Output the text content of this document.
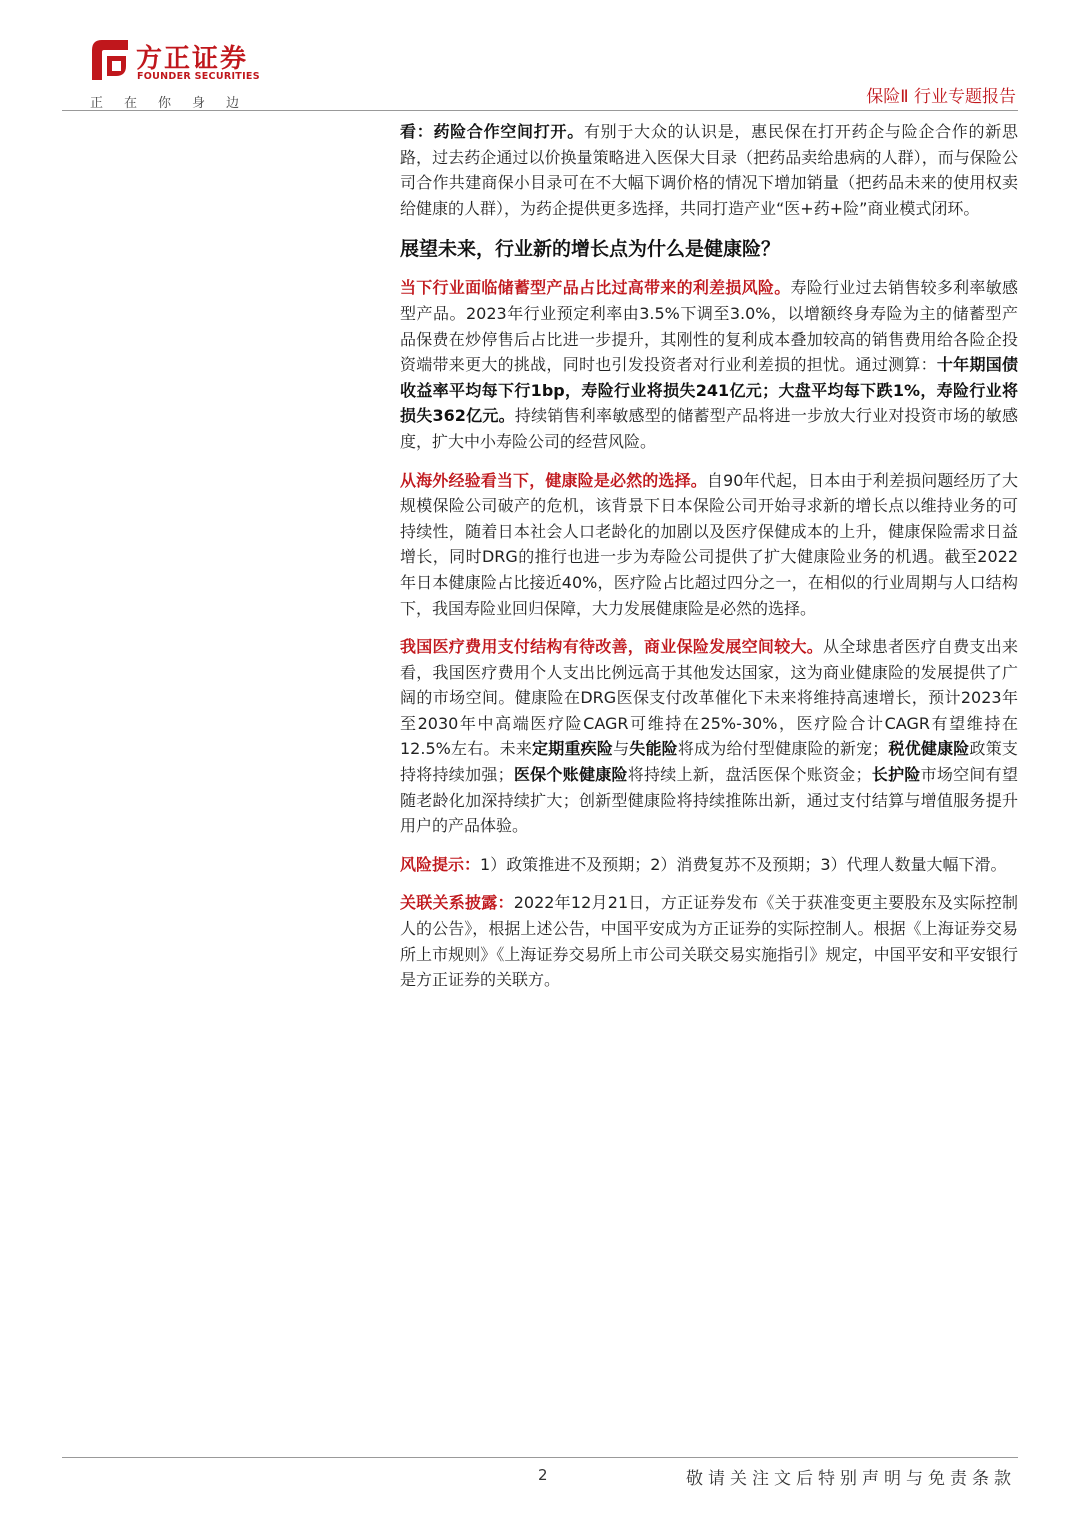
方正证券
FOUNDER SECURITIES
正在你身边	保险Ⅱ 行业专题报告

看：药险合作空间打开。有别于大众的认识是，惠民保在打开药企与险企合作的新思路，过去药企通过以价换量策略进入医保大目录（把药品卖给患病的人群），而与保险公司合作共建商保小目录可在不大幅下调价格的情况下增加销量（把药品未来的使用权卖给健康的人群），为药企提供更多选择，共同打造产业“医+药+险”商业模式闭环。

展望未来，行业新的增长点为什么是健康险？

当下行业面临储蓄型产品占比过高带来的利差损风险。寿险行业过去销售较多利率敏感型产品。2023年行业预定利率由3.5%下调至3.0%，以增额终身寿险为主的储蓄型产品保费在炒停售后占比进一步提升，其刚性的复利成本叠加较高的销售费用给各险企投资端带来更大的挑战，同时也引发投资者对行业利差损的担忧。通过测算：十年期国债收益率平均每下行1bp，寿险行业将损失241亿元；大盘平均每下跌1%，寿险行业将损失362亿元。持续销售利率敏感型的储蓄型产品将进一步放大行业对投资市场的敏感度，扩大中小寿险公司的经营风险。

从海外经验看当下，健康险是必然的选择。自90年代起，日本由于利差损问题经历了大规模保险公司破产的危机，该背景下日本保险公司开始寻求新的增长点以维持业务的可持续性，随着日本社会人口老龄化的加剧以及医疗保健成本的上升，健康保险需求日益增长，同时DRG的推行也进一步为寿险公司提供了扩大健康险业务的机遇。截至2022年日本健康险占比接近40%，医疗险占比超过四分之一，在相似的行业周期与人口结构下，我国寿险业回归保障，大力发展健康险是必然的选择。

我国医疗费用支付结构有待改善，商业保险发展空间较大。从全球患者医疗自费支出来看，我国医疗费用个人支出比例远高于其他发达国家，这为商业健康险的发展提供了广阔的市场空间。健康险在DRG医保支付改革催化下未来将维持高速增长，预计2023年至2030年中高端医疗险CAGR可维持在25%-30%，医疗险合计CAGR有望维持在12.5%左右。未来定期重疾险与失能险将成为给付型健康险的新宠；税优健康险政策支持将持续加强；医保个账健康险将持续上新，盘活医保个账资金；长护险市场空间有望随老龄化加深持续扩大；创新型健康险将持续推陈出新，通过支付结算与增值服务提升用户的产品体验。

风险提示：1）政策推进不及预期；2）消费复苏不及预期；3）代理人数量大幅下滑。

关联关系披露：2022年12月21日，方正证券发布《关于获准变更主要股东及实际控制人的公告》，根据上述公告，中国平安成为方正证券的实际控制人。根据《上海证券交易所上市规则》《上海证券交易所上市公司关联交易实施指引》规定，中国平安和平安银行是方正证券的关联方。

2	敬请关注文后特别声明与免责条款
